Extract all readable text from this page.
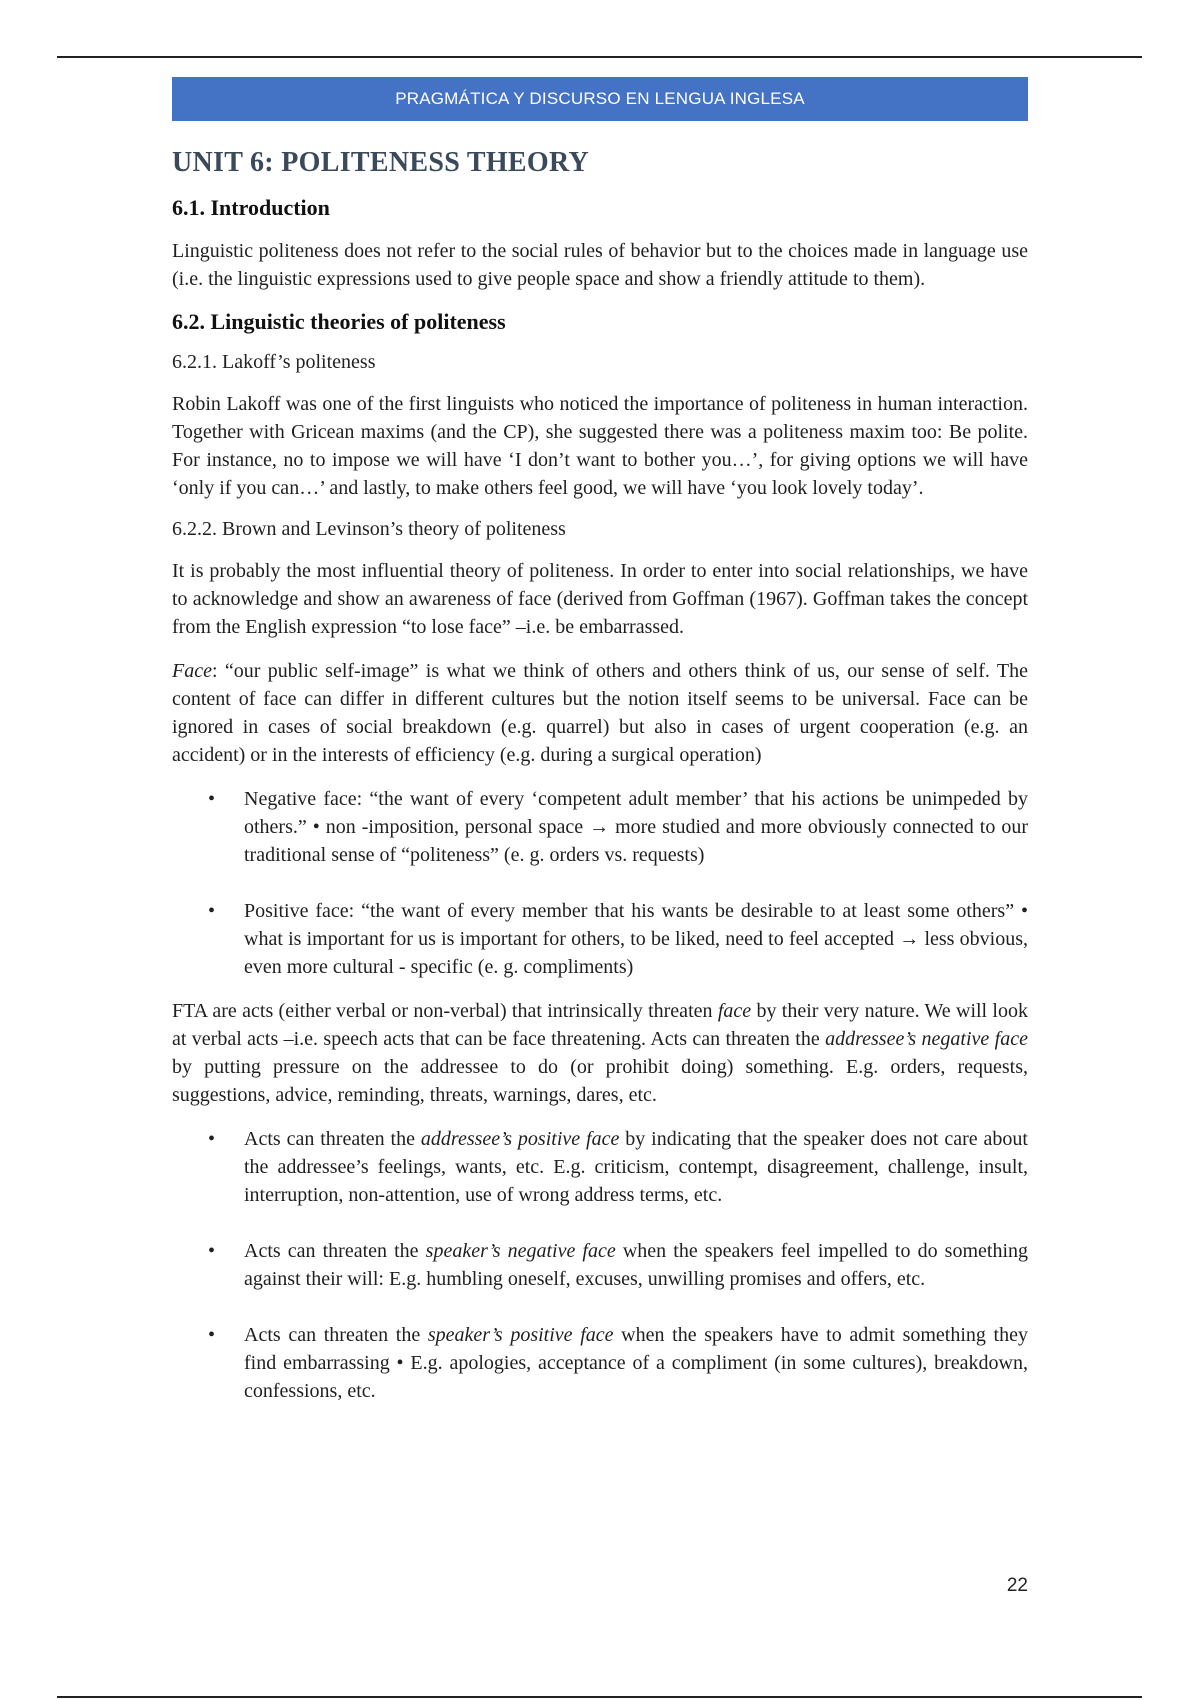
PRAGMÁTICA Y DISCURSO EN LENGUA INGLESA
UNIT 6: POLITENESS THEORY
6.1. Introduction

Linguistic politeness does not refer to the social rules of behavior but to the choices made in language use (i.e. the linguistic expressions used to give people space and show a friendly attitude to them).

6.2. Linguistic theories of politeness
6.2.1. Lakoff’s politeness

Robin Lakoff was one of the first linguists who noticed the importance of politeness in human interaction. Together with Gricean maxims (and the CP), she suggested there was a politeness maxim too: Be polite. For instance, no to impose we will have ‘I don’t want to bother you…’, for giving options we will have ‘only if you can…’ and lastly, to make others feel good, we will have ‘you look lovely today’.

6.2.2. Brown and Levinson’s theory of politeness

It is probably the most influential theory of politeness. In order to enter into social relationships, we have to acknowledge and show an awareness of face (derived from Goffman (1967). Goffman takes the concept from the English expression “to lose face” –i.e. be embarrassed.

Face: “our public self-image” is what we think of others and others think of us, our sense of self. The content of face can differ in different cultures but the notion itself seems to be universal. Face can be ignored in cases of social breakdown (e.g. quarrel) but also in cases of urgent cooperation (e.g. an accident) or in the interests of efficiency (e.g. during a surgical operation)

• Negative face: “the want of every ‘competent adult member’ that his actions be unimpeded by others.” • non -imposition, personal space → more studied and more obviously connected to our traditional sense of “politeness” (e. g. orders vs. requests)
• Positive face: “the want of every member that his wants be desirable to at least some others” • what is important for us is important for others, to be liked, need to feel accepted → less obvious, even more cultural - specific (e. g. compliments)

FTA are acts (either verbal or non-verbal) that intrinsically threaten face by their very nature. We will look at verbal acts –i.e. speech acts that can be face threatening. Acts can threaten the addressee’s negative face by putting pressure on the addressee to do (or prohibit doing) something. E.g. orders, requests, suggestions, advice, reminding, threats, warnings, dares, etc.

• Acts can threaten the addressee’s positive face by indicating that the speaker does not care about the addressee’s feelings, wants, etc. E.g. criticism, contempt, disagreement, challenge, insult, interruption, non-attention, use of wrong address terms, etc.
• Acts can threaten the speaker’s negative face when the speakers feel impelled to do something against their will: E.g. humbling oneself, excuses, unwilling promises and offers, etc.
• Acts can threaten the speaker’s positive face when the speakers have to admit something they find embarrassing • E.g. apologies, acceptance of a compliment (in some cultures), breakdown, confessions, etc.
22
